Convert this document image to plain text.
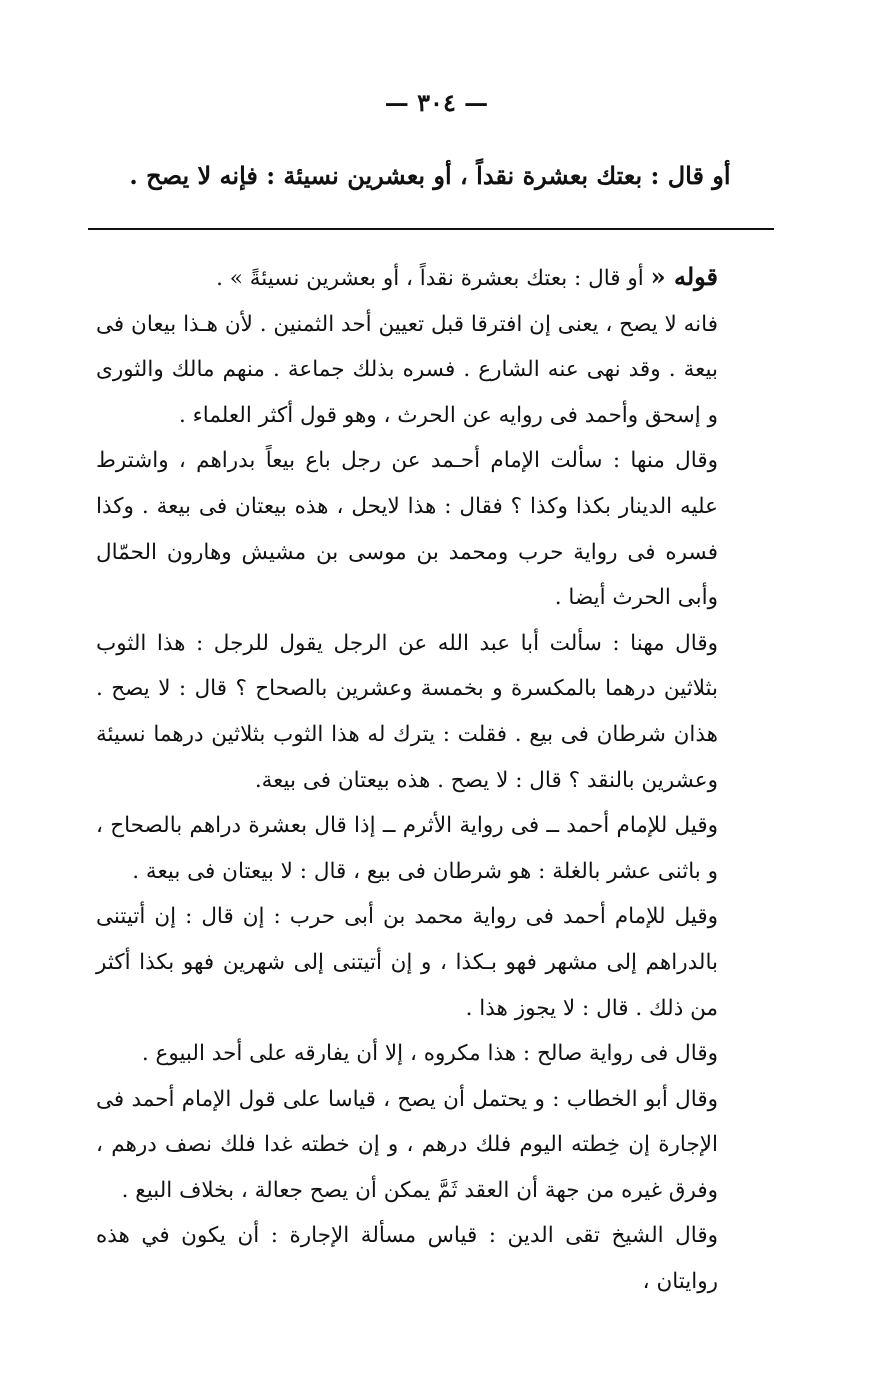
— ٣٠٤ —
أو قال : بعتك بعشرة نقداً ، أو بعشرين نسيئة : فإنه لا يصح .

قوله « أو قال : بعتك بعشرة نقداً ، أو بعشرين نسيئةً » .
فانه لا يصح ، يعنى إن افترقا قبل تعيين أحد الثمنين . لأن هـذا بيعان فى بيعة . وقد نهى عنه الشارع . فسره بذلك جماعة . منهم مالك والثورى و إسحق وأحمد فى روايه عن الحرث ، وهو قول أكثر العلماء .

وقال منها : سألت الإمام أحـمد عن رجل باع بيعاً بدراهم ، واشترط عليه الدينار بكذا وكذا ؟ فقال : هذا لايحل ، هذه بيعتان فى بيعة . وكذا فسره فى رواية حرب ومحمد بن موسى بن مشيش وهارون الحمّال وأبى الحرث أيضا .

وقال مهنا : سألت أبا عبد الله عن الرجل يقول للرجل : هذا الثوب بثلاثين درهما بالمكسرة و بخمسة وعشرين بالصحاح ؟ قال : لا يصح . هذان شرطان فى بيع . فقلت : يترك له هذا الثوب بثلاثين درهما نسيئة وعشرين بالنقد ؟ قال : لا يصح . هذه بيعتان فى بيعة.

وقيل للإمام أحمد ــ فى رواية الأثرم ــ إذا قال بعشرة دراهم بالصحاح ، و باثنى عشر بالغلة : هو شرطان فى بيع ، قال : لا بيعتان فى بيعة .

وقيل للإمام أحمد فى رواية محمد بن أبى حرب : إن قال : إن أتيتنى بالدراهم إلى مشهر فهو بـكذا ، و إن أتيتنى إلى شهرين فهو بكذا أكثر من ذلك . قال : لا يجوز هذا .

وقال فى رواية صالح : هذا مكروه ، إلا أن يفارقه على أحد البيوع .

وقال أبو الخطاب : و يحتمل أن يصح ، قياسا على قول الإمام أحمد فى الإجارة إن خِطته اليوم فلك درهم ، و إن خطته غدا فلك نصف درهم ، وفرق غيره من جهة أن العقد ثَمَّ يمكن أن يصح جعالة ، بخلاف البيع .

وقال الشيخ تقى الدين : قياس مسألة الإجارة : أن يكون في هذه روايتان ،
